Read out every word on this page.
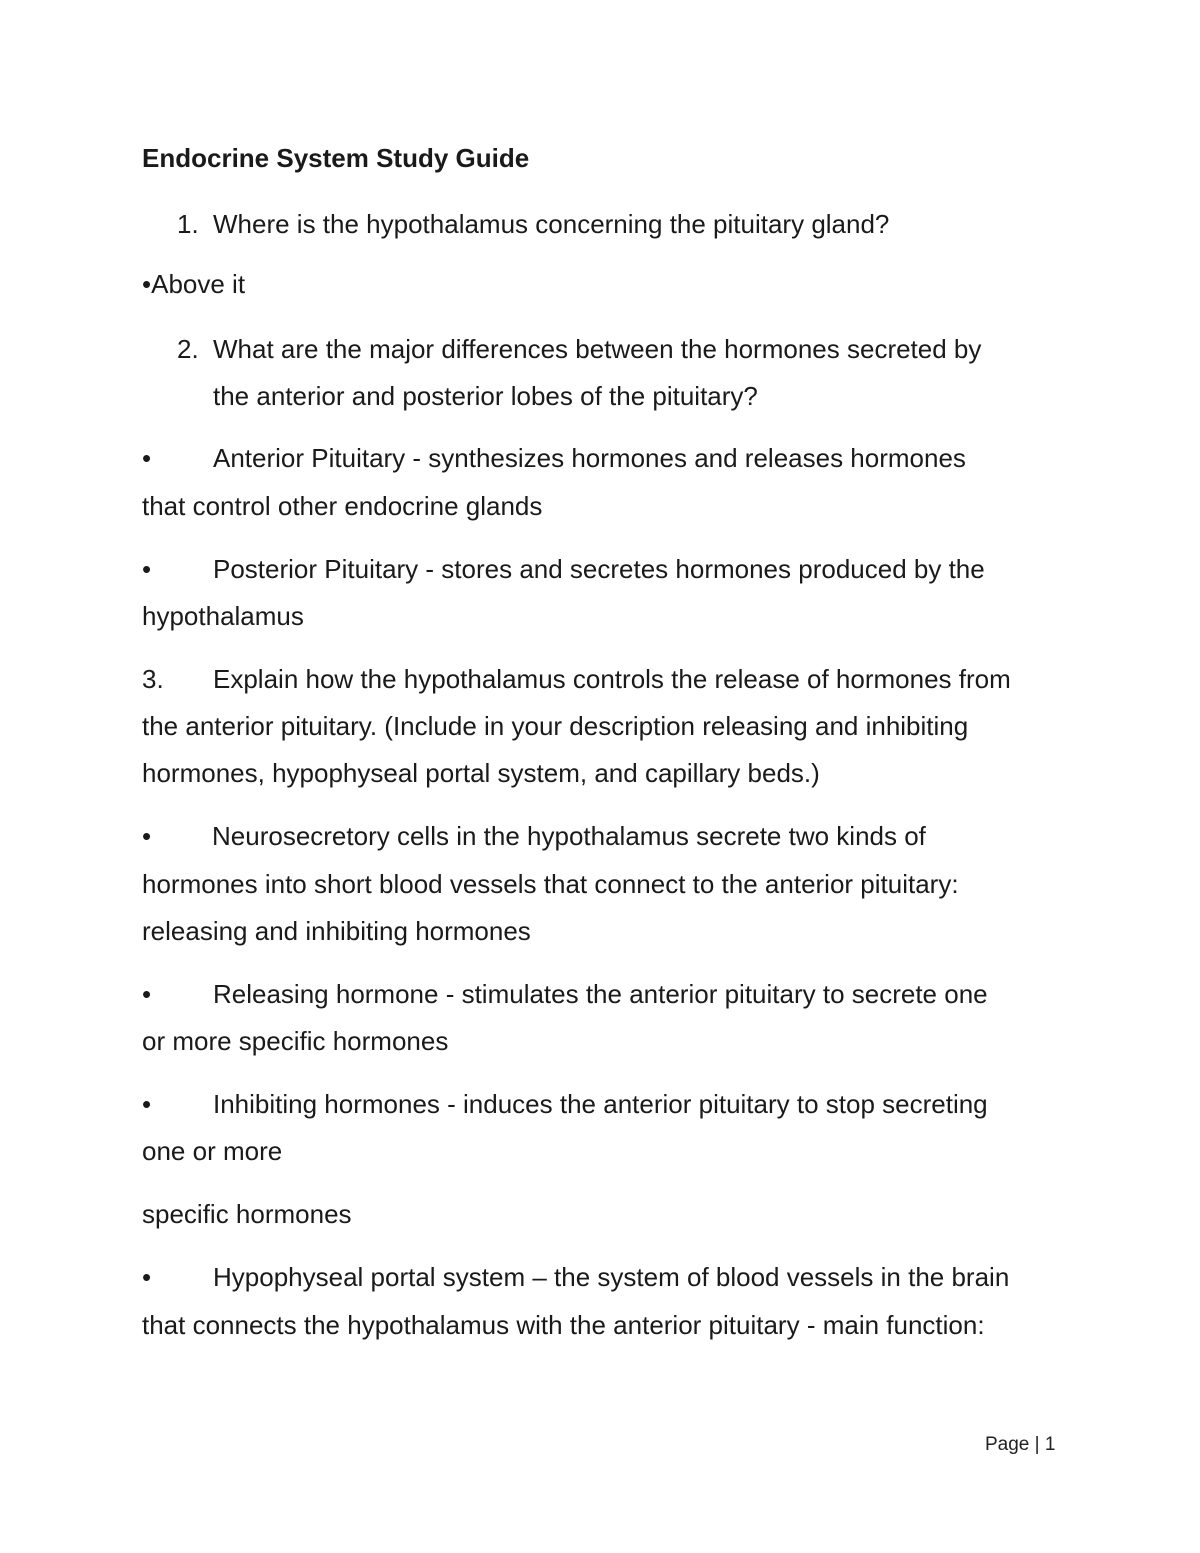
Endocrine System Study Guide
1. Where is the hypothalamus concerning the pituitary gland?
•Above it
2. What are the major differences between the hormones secreted by
the anterior and posterior lobes of the pituitary?
• Anterior Pituitary - synthesizes hormones and releases hormones
that control other endocrine glands
• Posterior Pituitary - stores and secretes hormones produced by the
hypothalamus
3. Explain how the hypothalamus controls the release of hormones from
the anterior pituitary. (Include in your description releasing and inhibiting
hormones, hypophyseal portal system, and capillary beds.)
• Neurosecretory cells in the hypothalamus secrete two kinds of
hormones into short blood vessels that connect to the anterior pituitary:
releasing and inhibiting hormones
• Releasing hormone - stimulates the anterior pituitary to secrete one
or more specific hormones
• Inhibiting hormones - induces the anterior pituitary to stop secreting
one or more
specific hormones
• Hypophyseal portal system – the system of blood vessels in the brain
that connects the hypothalamus with the anterior pituitary - main function:
Page | 1
